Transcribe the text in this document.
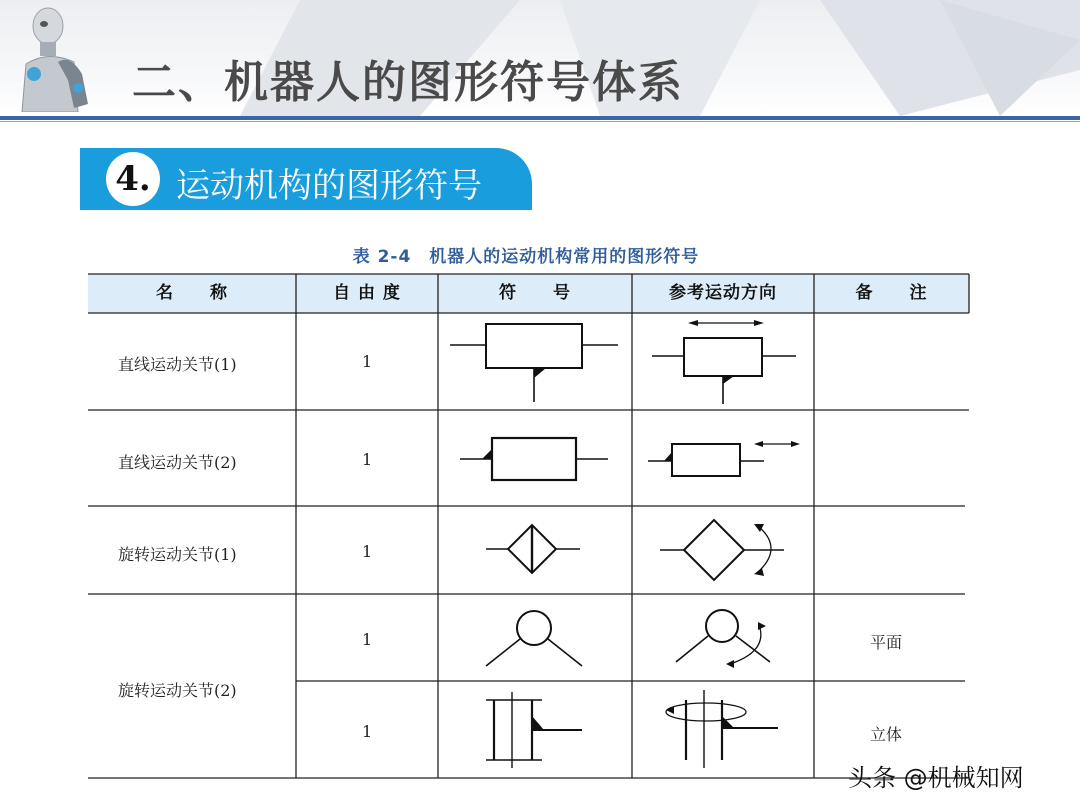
二、机器人的图形符号体系
4. 运动机构的图形符号
表 2-4　机器人的运动机构常用的图形符号
名　　称	自 由 度	符　　号	参考运动方向	备　　注
直线运动关节(1)	1
直线运动关节(2)	1
旋转运动关节(1)	1
旋转运动关节(2)
1	平面
1	立体
头条 @机械知网
